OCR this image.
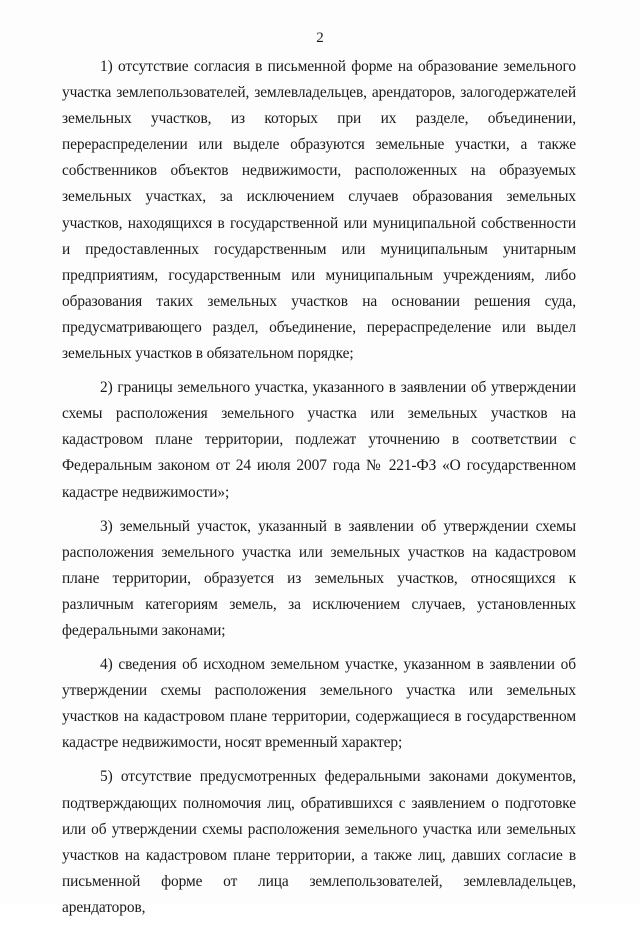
2

1) отсутствие согласия в письменной форме на образование земельного участка землепользователей, землевладельцев, арендаторов, залогодержателей земельных участков, из которых при их разделе, объединении, перераспределении или выделе образуются земельные участки, а также собственников объектов недвижимости, расположенных на образуемых земельных участках, за исключением случаев образования земельных участков, находящихся в государственной или муниципальной собственности и предоставленных государственным или муниципальным унитарным предприятиям, государственным или муниципальным учреждениям, либо образования таких земельных участков на основании решения суда, предусматривающего раздел, объединение, перераспределение или выдел земельных участков в обязательном порядке;

2) границы земельного участка, указанного в заявлении об утверждении схемы расположения земельного участка или земельных участков на кадастровом плане территории, подлежат уточнению в соответствии с Федеральным законом от 24 июля 2007 года № 221-ФЗ «О государственном кадастре недвижимости»;

3) земельный участок, указанный в заявлении об утверждении схемы расположения земельного участка или земельных участков на кадастровом плане территории, образуется из земельных участков, относящихся к различным категориям земель, за исключением случаев, установленных федеральными законами;

4) сведения об исходном земельном участке, указанном в заявлении об утверждении схемы расположения земельного участка или земельных участков на кадастровом плане территории, содержащиеся в государственном кадастре недвижимости, носят временный характер;

5) отсутствие предусмотренных федеральными законами документов, подтверждающих полномочия лиц, обратившихся с заявлением о подготовке или об утверждении схемы расположения земельного участка или земельных участков на кадастровом плане территории, а также лиц, давших согласие в письменной форме от лица землепользователей, землевладельцев, арендаторов,
